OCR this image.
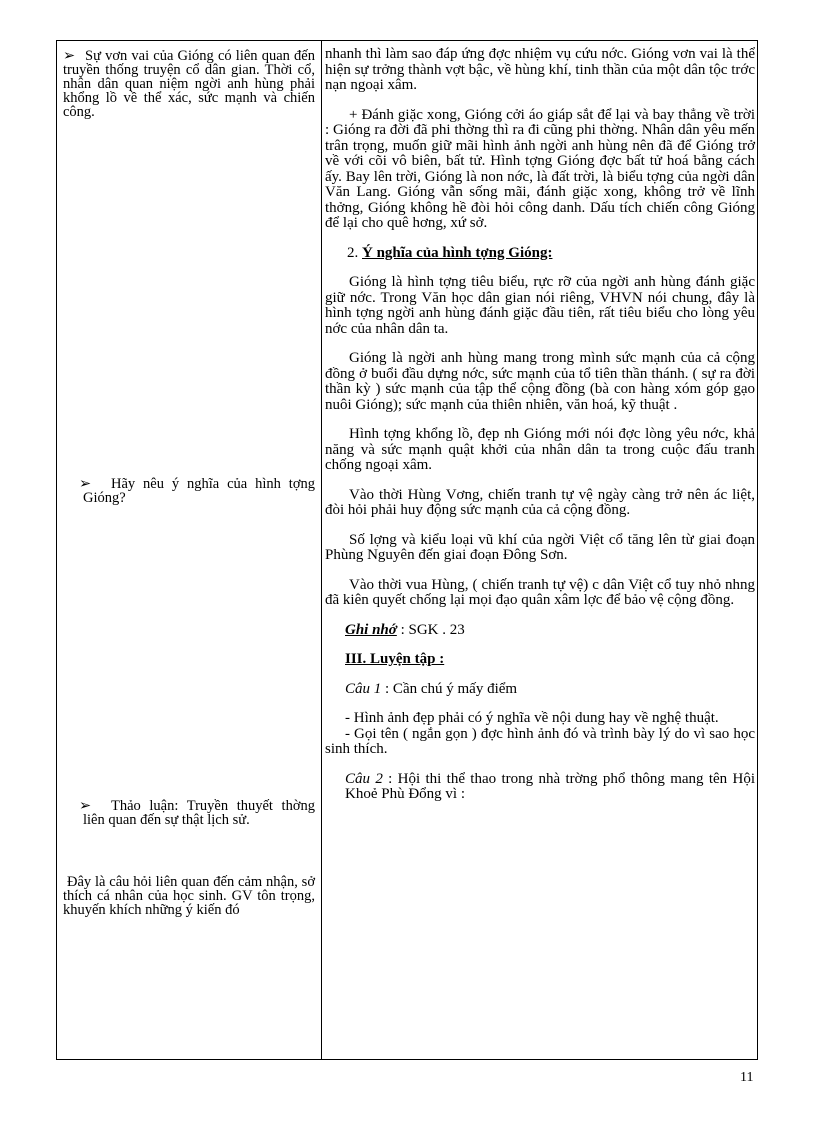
➢ Sự vơn vai của Gióng có liên quan đến truyền thống truyện cổ dân gian. Thời cổ, nhân dân quan niệm ngời anh hùng phải khổng lồ về thể xác, sức mạnh và chiến công.
➢	Hãy nêu ý nghĩa của hình tợng Gióng?
➢	Thảo luận: Truyền thuyết thờng liên quan đến sự thật lịch sử.
Đây là câu hỏi liên quan đến cảm nhận, sở thích cá nhân của học sinh. GV tôn trọng, khuyến khích những ý kiến đó

nhanh thì làm sao đáp ứng đợc nhiệm vụ cứu nớc. Gióng vơn vai là thể hiện sự trởng thành vợt bậc, về hùng khí, tinh thần của một dân tộc trớc nạn ngoại xâm.

+ Đánh giặc xong, Gióng cởi áo giáp sắt để lại và bay thẳng về trời : Gióng ra đời đã phi thờng thì ra đi cũng phi thờng. Nhân dân yêu mến trân trọng, muốn giữ mãi hình ảnh ngời anh hùng nên đã để Gióng trở về với cõi vô biên, bất tử. Hình tợng Gióng đợc bất tử hoá bằng cách ấy. Bay lên trời, Gióng là non nớc, là đất trời, là biểu tợng của ngời dân Văn Lang. Gióng vẫn sống mãi, đánh giặc xong, không trở về lĩnh thởng, Gióng không hề đòi hỏi công danh. Dấu tích chiến công Gióng để lại cho quê hơng, xứ sở.

2. Ý nghĩa của hình tợng Gióng:

Gióng là hình tợng tiêu biểu, rực rỡ của ngời anh hùng đánh giặc giữ nớc. Trong Văn học dân gian nói riêng, VHVN nói chung, đây là hình tợng ngời anh hùng đánh giặc đầu tiên, rất tiêu biểu cho lòng yêu nớc của nhân dân ta.

Gióng là ngời anh hùng mang trong mình sức mạnh của cả cộng đồng ở buổi đầu dựng nớc, sức mạnh của tổ tiên thần thánh. ( sự ra đời thần kỳ ) sức mạnh của tập thể cộng đồng (bà con hàng xóm góp gạo nuôi Gióng); sức mạnh của thiên nhiên, văn hoá, kỹ thuật .

Hình tợng khổng lồ, đẹp nh Gióng mới nói đợc lòng yêu nớc, khả năng và sức mạnh quật khởi của nhân dân ta trong cuộc đấu tranh chống ngoại xâm.

Vào thời Hùng Vơng, chiến tranh tự vệ ngày càng trở nên ác liệt, đòi hỏi phải huy động sức mạnh của cả cộng đồng.

Số lợng và kiểu loại vũ khí của ngời Việt cổ tăng lên từ giai đoạn Phùng Nguyên đến giai đoạn Đông Sơn.

Vào thời vua Hùng, ( chiến tranh tự vệ) c dân Việt cổ tuy nhỏ nhng đã kiên quyết chống lại mọi đạo quân xâm lợc để bảo vệ cộng đồng.

Ghi nhớ : SGK . 23

III. Luyện tập :

Câu 1 : Cần chú ý mấy điểm

- Hình ảnh đẹp phải có ý nghĩa về nội dung hay về nghệ thuật.

- Gọi tên ( ngắn gọn ) đợc hình ảnh đó và trình bày lý do vì sao học sinh thích.

Câu 2 : Hội thi thể thao trong nhà trờng phổ thông mang tên Hội Khoẻ Phù Đổng vì :

11
